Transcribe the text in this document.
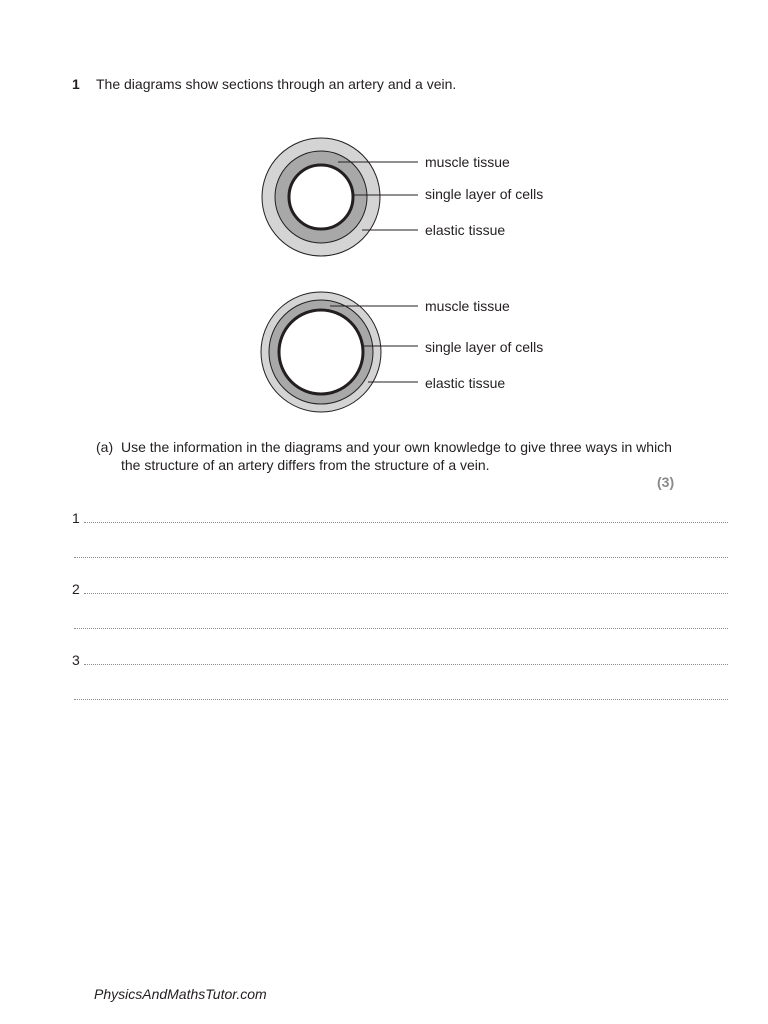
1 The diagrams show sections through an artery and a vein.
muscle tissue
single layer of cells
elastic tissue
muscle tissue
single layer of cells
elastic tissue
(a) Use the information in the diagrams and your own knowledge to give three ways in which the structure of an artery differs from the structure of a vein.
(3)
1
2
3
PhysicsAndMathsTutor.com
